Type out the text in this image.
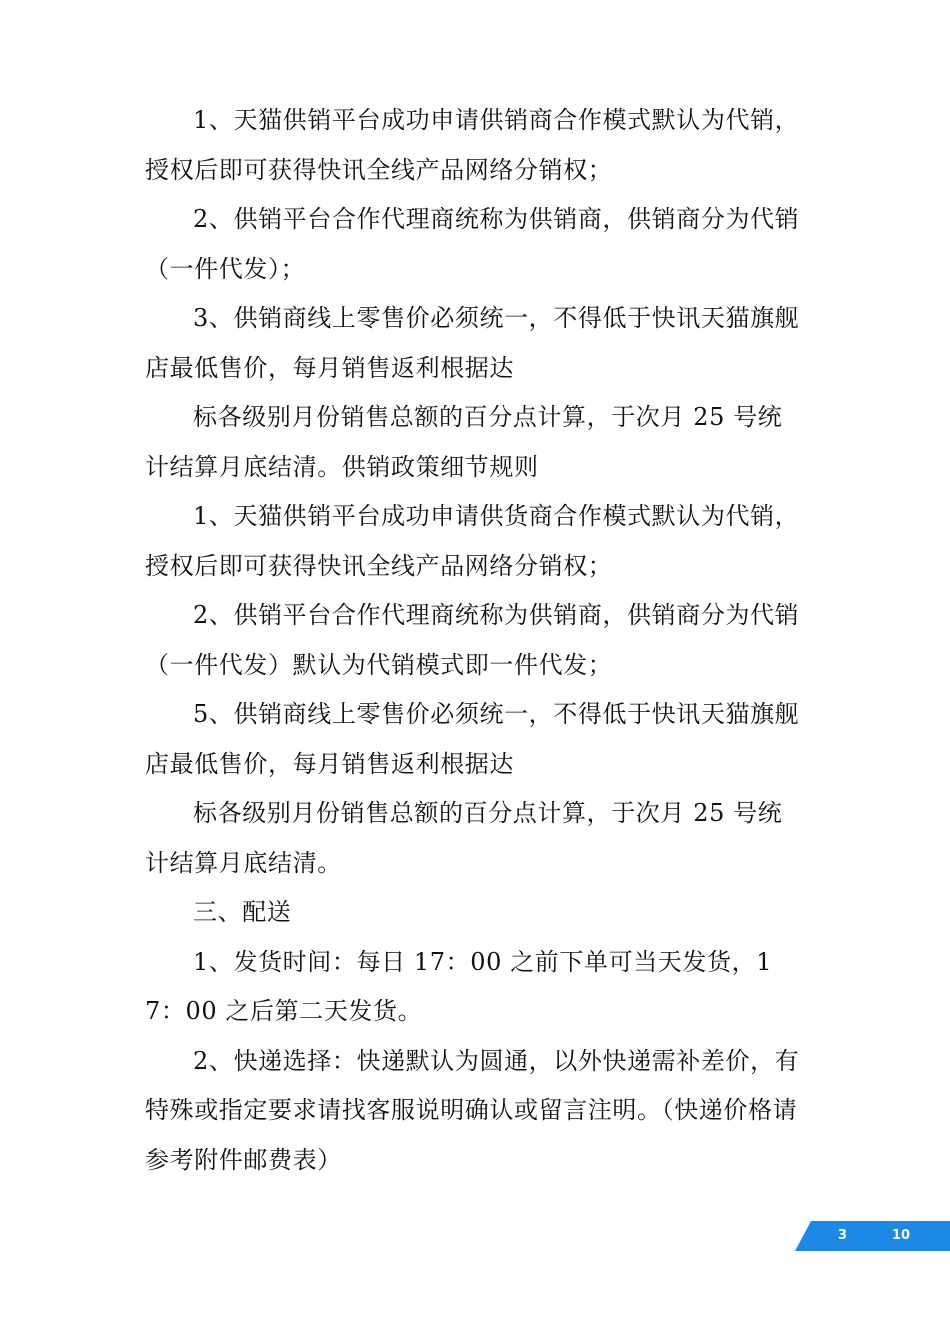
1、天猫供销平台成功申请供销商合作模式默认为代销，授权后即可获得快讯全线产品网络分销权；

2、供销平台合作代理商统称为供销商，供销商分为代销（一件代发）；

3、供销商线上零售价必须统一，不得低于快讯天猫旗舰店最低售价，每月销售返利根据达

标各级别月份销售总额的百分点计算，于次月 25 号统计结算月底结清。供销政策细节规则

1、天猫供销平台成功申请供货商合作模式默认为代销，授权后即可获得快讯全线产品网络分销权；

2、供销平台合作代理商统称为供销商，供销商分为代销（一件代发）默认为代销模式即一件代发；

5、供销商线上零售价必须统一，不得低于快讯天猫旗舰店最低售价，每月销售返利根据达

标各级别月份销售总额的百分点计算，于次月 25 号统计结算月底结清。

三、配送

1、发货时间：每日 17：00 之前下单可当天发货，17：00 之后第二天发货。

2、快递选择：快递默认为圆通，以外快递需补差价，有特殊或指定要求请找客服说明确认或留言注明。（快递价格请参考附件邮费表）

3	10
